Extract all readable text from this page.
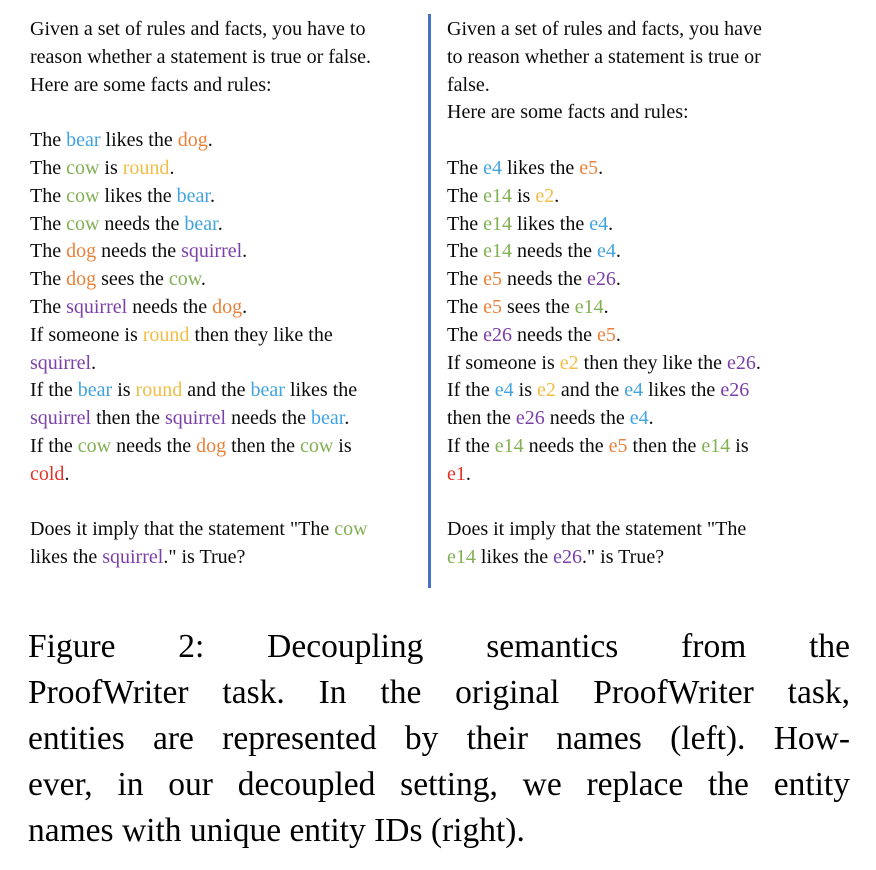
Given a set of rules and facts, you have to
reason whether a statement is true or false.
Here are some facts and rules:
The bear likes the dog.
The cow is round.
The cow likes the bear.
The cow needs the bear.
The dog needs the squirrel.
The dog sees the cow.
The squirrel needs the dog.
If someone is round then they like the
squirrel.
If the bear is round and the bear likes the
squirrel then the squirrel needs the bear.
If the cow needs the dog then the cow is
cold.
Does it imply that the statement "The cow
likes the squirrel." is True?
Given a set of rules and facts, you have
to reason whether a statement is true or
false.
Here are some facts and rules:
The e4 likes the e5.
The e14 is e2.
The e14 likes the e4.
The e14 needs the e4.
The e5 needs the e26.
The e5 sees the e14.
The e26 needs the e5.
If someone is e2 then they like the e26.
If the e4 is e2 and the e4 likes the e26
then the e26 needs the e4.
If the e14 needs the e5 then the e14 is
e1.
Does it imply that the statement "The
e14 likes the e26." is True?
Figure 2: Decoupling semantics from the
ProofWriter task. In the original ProofWriter task,
entities are represented by their names (left). How-
ever, in our decoupled setting, we replace the entity
names with unique entity IDs (right).
